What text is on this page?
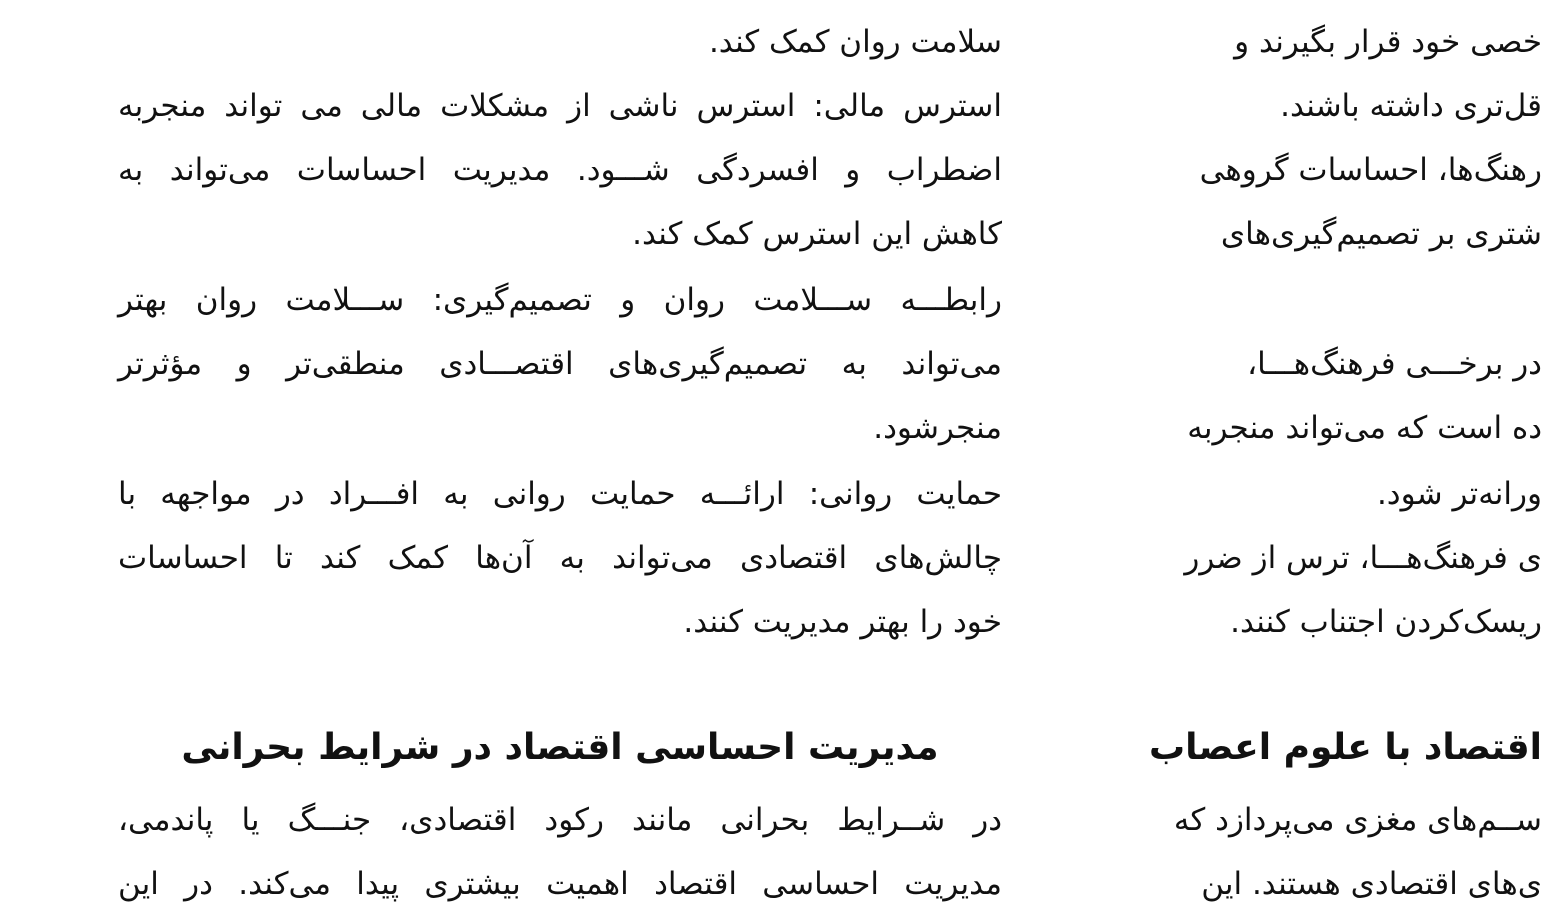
سلامت روان کمک کند.
استرس مالی: استرس ناشی از مشکلات مالی می تواند منجربه
اضطراب و افسردگی شـــود. مدیریت احساسات می‌تواند به
کاهش این استرس کمک کند.
رابطـــه ســـلامت روان و تصمیم‌گیری: ســـلامت روان بهتر
می‌تواند به تصمیم‌گیری‌های اقتصـــادی منطقی‌تر و مؤثرتر
منجرشود.
حمایت روانی: ارائـــه حمایت روانی به افـــراد در مواجهه با
چالش‌های اقتصادی می‌تواند به آن‌ها کمک کند تا احساسات
خود را بهتر مدیریت کنند.
مدیریت احساسی اقتصاد در شرایط بحرانی
در شــرایط بحرانی مانند رکود اقتصادی، جنـــگ یا پاندمی،
مدیریت احساسی اقتصاد اهمیت بیشتری پیدا می‌کند. در این
خصی خود قرار بگیرند و
قل‌تری داشته باشند.
رهنگ‌ها، احساسات گروهی
شتری بر تصمیم‌گیری‌های
در برخـــی فرهنگ‌هـــا،
ده است که می‌تواند منجربه
ورانه‌تر شود.
ی فرهنگ‌هـــا، ترس از ضرر
ریسک‌کردن اجتناب کنند.
اقتصاد با علوم اعصاب
ســم‌های مغزی می‌پردازد که
ی‌های اقتصادی هستند. این
